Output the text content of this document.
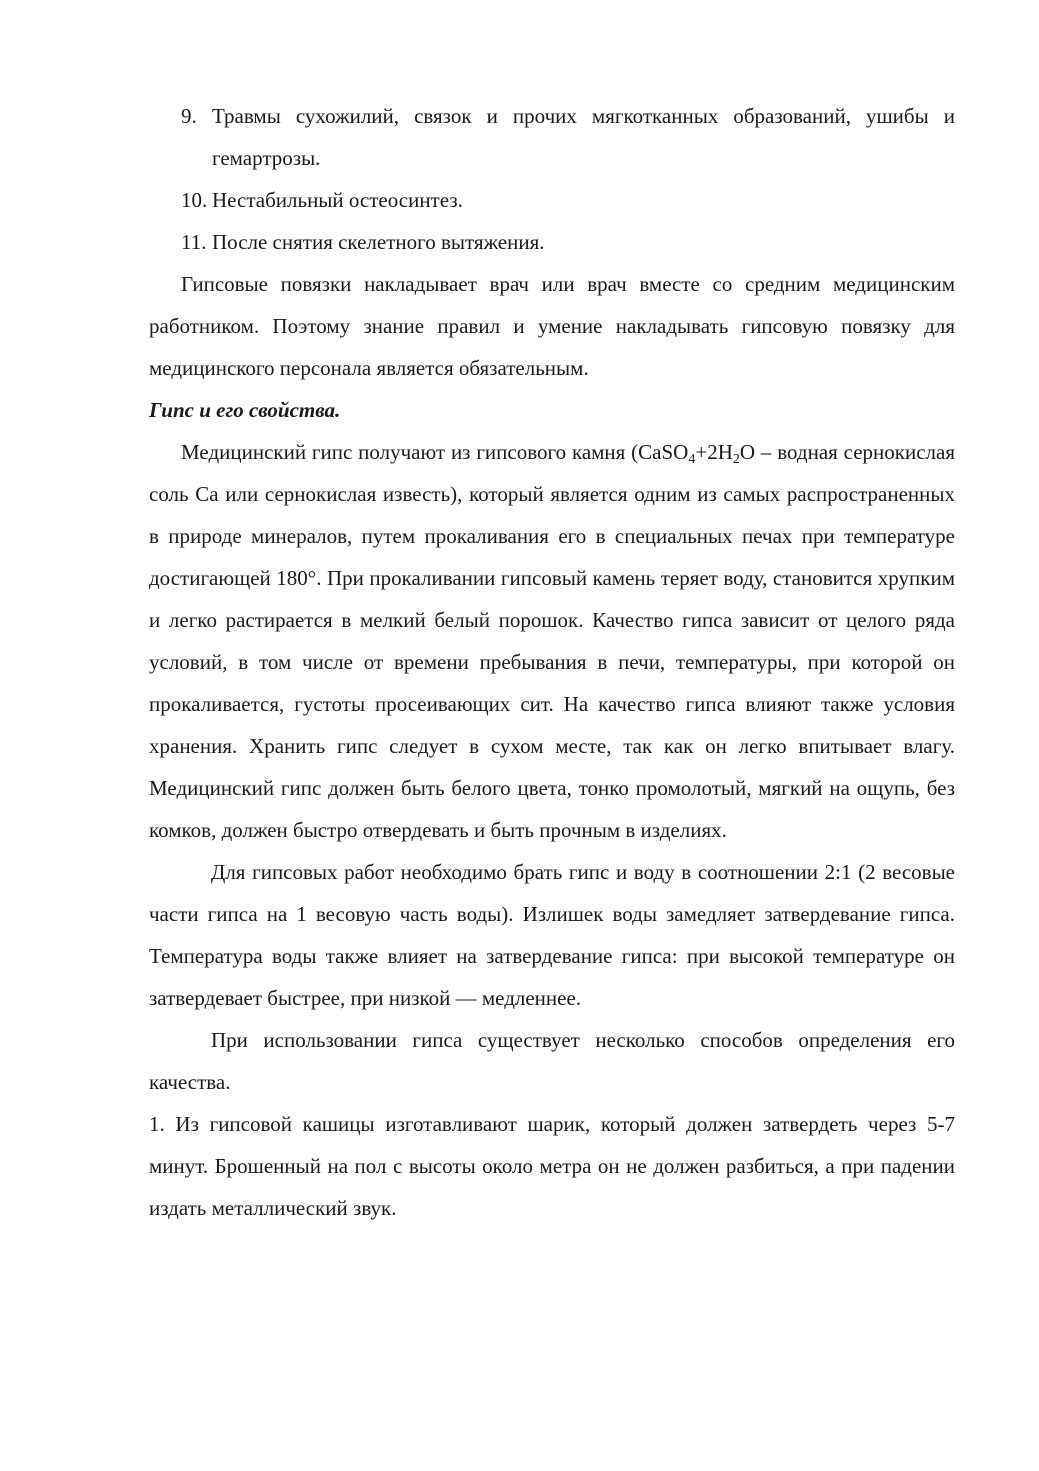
9. Травмы сухожилий, связок и прочих мягкотканных образований, ушибы и гемартрозы.
10. Нестабильный остеосинтез.
11. После снятия скелетного вытяжения.

Гипсовые повязки накладывает врач или врач вместе со средним медицинским работником. Поэтому знание правил и умение накладывать гипсовую повязку для медицинского персонала является обязательным.

Гипс и его свойства.

Медицинский гипс получают из гипсового камня ($CaSO_4+2H_2O$ – водная сернокислая соль Ca или сернокислая известь), который является одним из самых распространенных в природе минералов, путем прокаливания его в специальных печах при температуре достигающей 180°. При прокаливании гипсовый камень теряет воду, становится хрупким и легко растирается в мелкий белый порошок. Качество гипса зависит от целого ряда условий, в том числе от времени пребывания в печи, температуры, при которой он прокаливается, густоты просеивающих сит. На качество гипса влияют также условия хранения. Хранить гипс следует в сухом месте, так как он легко впитывает влагу. Медицинский гипс должен быть белого цвета, тонко промолотый, мягкий на ощупь, без комков, должен быстро отвердевать и быть прочным в изделиях.

Для гипсовых работ необходимо брать гипс и воду в соотношении 2:1 (2 весовые части гипса на 1 весовую часть воды). Излишек воды замедляет затвердевание гипса. Температура воды также влияет на затвердевание гипса: при высокой температуре он затвердевает быстрее, при низкой — медленнее.

При использовании гипса существует несколько способов определения его качества.

1. Из гипсовой кашицы изготавливают шарик, который должен затвердеть через 5-7 минут. Брошенный на пол с высоты около метра он не должен разбиться, а при падении издать металлический звук.
